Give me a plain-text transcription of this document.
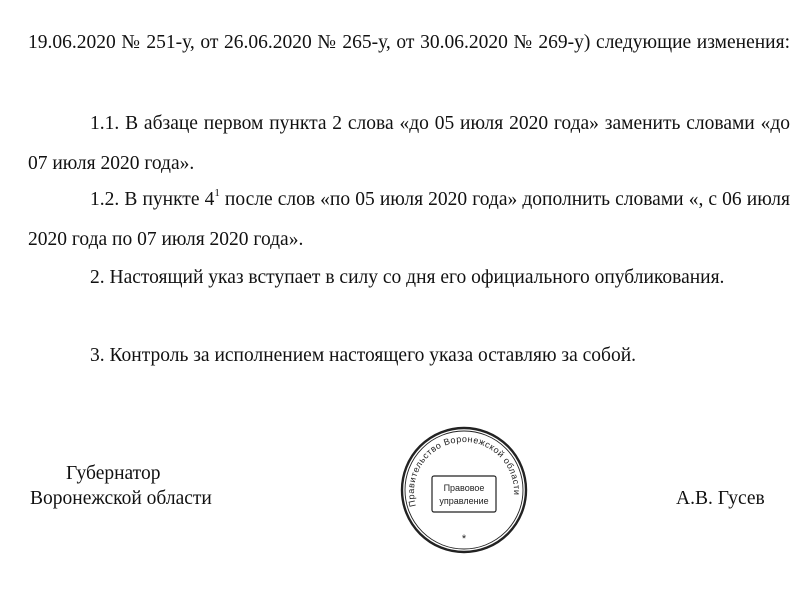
19.06.2020 № 251-у, от 26.06.2020 № 265-у, от 30.06.2020 № 269-у) следующие изменения:

1.1. В абзаце первом пункта 2 слова «до 05 июля 2020 года» заменить словами «до 07 июля 2020 года».

1.2. В пункте $4^1$ после слов «по 05 июля 2020 года» дополнить словами «, с 06 июля 2020 года по 07 июля 2020 года».

2. Настоящий указ вступает в силу со дня его официального опубликования.

3. Контроль за исполнением настоящего указа оставляю за собой.

Губернатор

Воронежской области	А.В. Гусев

Правительство Воронежской области
Правовое
управление
*
